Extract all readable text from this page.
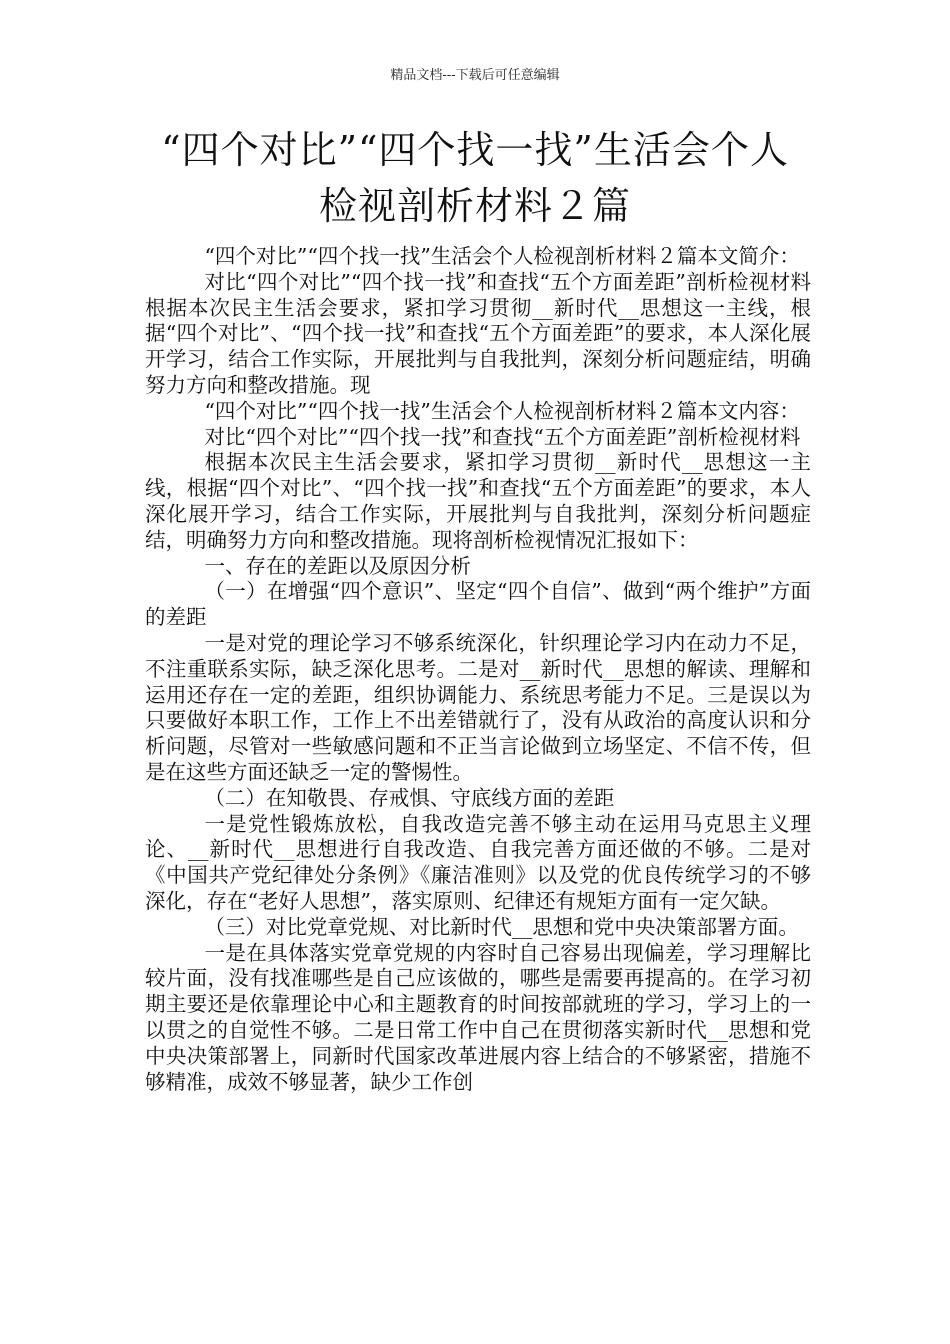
精品文档---下载后可任意编辑
“四个对比”“四个找一找”生活会个人
检视剖析材料２篇

“四个对比”“四个找一找”生活会个人检视剖析材料２篇本文简介：

对比“四个对比”“四个找一找”和查找“五个方面差距”剖析检视材料根据本次民主生活会要求，紧扣学习贯彻__新时代__思想这一主线，根据“四个对比”、“四个找一找”和查找“五个方面差距”的要求，本人深化展开学习，结合工作实际，开展批判与自我批判，深刻分析问题症结，明确努力方向和整改措施。现

“四个对比”“四个找一找”生活会个人检视剖析材料２篇本文内容：

对比“四个对比”“四个找一找”和查找“五个方面差距”剖析检视材料

根据本次民主生活会要求，紧扣学习贯彻__新时代__思想这一主线，根据“四个对比”、“四个找一找”和查找“五个方面差距”的要求，本人深化展开学习，结合工作实际，开展批判与自我批判，深刻分析问题症结，明确努力方向和整改措施。现将剖析检视情况汇报如下：

一、存在的差距以及原因分析

（一）在增强“四个意识”、坚定“四个自信”、做到“两个维护”方面的差距

一是对党的理论学习不够系统深化，针织理论学习内在动力不足，不注重联系实际，缺乏深化思考。二是对__新时代__思想的解读、理解和运用还存在一定的差距，组织协调能力、系统思考能力不足。三是误以为只要做好本职工作，工作上不出差错就行了，没有从政治的高度认识和分析问题，尽管对一些敏感问题和不正当言论做到立场坚定、不信不传，但是在这些方面还缺乏一定的警惕性。

（二）在知敬畏、存戒惧、守底线方面的差距

一是党性锻炼放松，自我改造完善不够主动在运用马克思主义理论、__新时代__思想进行自我改造、自我完善方面还做的不够。二是对《中国共产党纪律处分条例》《廉洁准则》以及党的优良传统学习的不够深化，存在“老好人思想”，落实原则、纪律还有规矩方面有一定欠缺。

（三）对比党章党规、对比新时代__思想和党中央决策部署方面。

一是在具体落实党章党规的内容时自己容易出现偏差，学习理解比较片面，没有找准哪些是自己应该做的，哪些是需要再提高的。在学习初期主要还是依靠理论中心和主题教育的时间按部就班的学习，学习上的一以贯之的自觉性不够。二是日常工作中自己在贯彻落实新时代__思想和党中央决策部署上，同新时代国家改革进展内容上结合的不够紧密，措施不够精准，成效不够显著，缺少工作创
